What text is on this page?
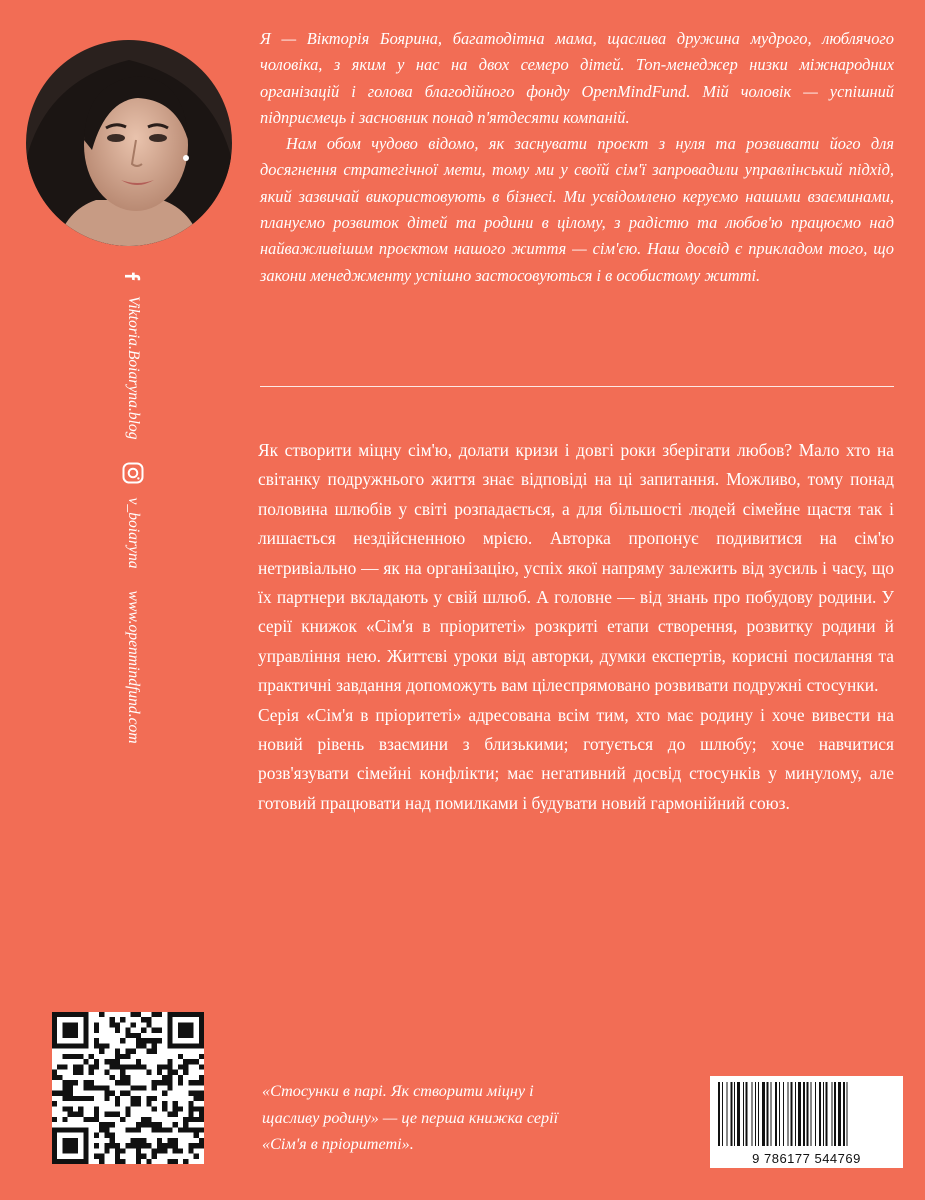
Я — Вікторія Боярина, багатодітна мама, щаслива дружина мудрого, люблячого чоловіка, з яким у нас на двох семеро дітей. Топ-менеджер низки міжнародних організацій і голова благодійного фонду OpenMindFund. Мій чоловік — успішний підприємець і засновник понад п'ятдесяти компаній.

Нам обом чудово відомо, як заснувати проєкт з нуля та розвивати його для досягнення стратегічної мети, тому ми у своїй сім'ї запровадили управлінський підхід, який зазвичай використовують в бізнесі. Ми усвідомлено керуємо нашими взаєминами, плануємо розвиток дітей та родини в цілому, з радістю та любов'ю працюємо над найважливішим проєктом нашого життя — сім'єю. Наш досвід є прикладом того, що закони менеджменту успішно застосовуються і в особистому житті.

Як створити міцну сім'ю, долати кризи і довгі роки зберігати любов? Мало хто на світанку подружнього життя знає відповіді на ці запитання. Можливо, тому понад половина шлюбів у світі розпадається, а для більшості людей сімейне щастя так і лишається нездійсненною мрією. Авторка пропонує подивитися на сім'ю нетривіально — як на організацію, успіх якої напряму залежить від зусиль і часу, що їх партнери вкладають у свій шлюб. А головне — від знань про побудову родини. У серії книжок «Сім'я в пріоритеті» розкриті етапи створення, розвитку родини й управління нею. Життєві уроки від авторки, думки експертів, корисні посилання та практичні завдання допоможуть вам цілеспрямовано розвивати подружні стосунки.

Серія «Сім'я в пріоритеті» адресована всім тим, хто має родину і хоче вивести на новий рівень взаємини з близькими; готується до шлюбу; хоче навчитися розв'язувати сімейні конфлікти; має негативний досвід стосунків у минулому, але готовий працювати над помилками і будувати новий гармонійний союз.

Viktoria.Boiaryna.blog
v_boiaryna
www.openmindfund.com

«Стосунки в парі. Як створити міцну і щасливу родину» — це перша книжка серії «Сім'я в пріоритеті».

9 786177 544769
